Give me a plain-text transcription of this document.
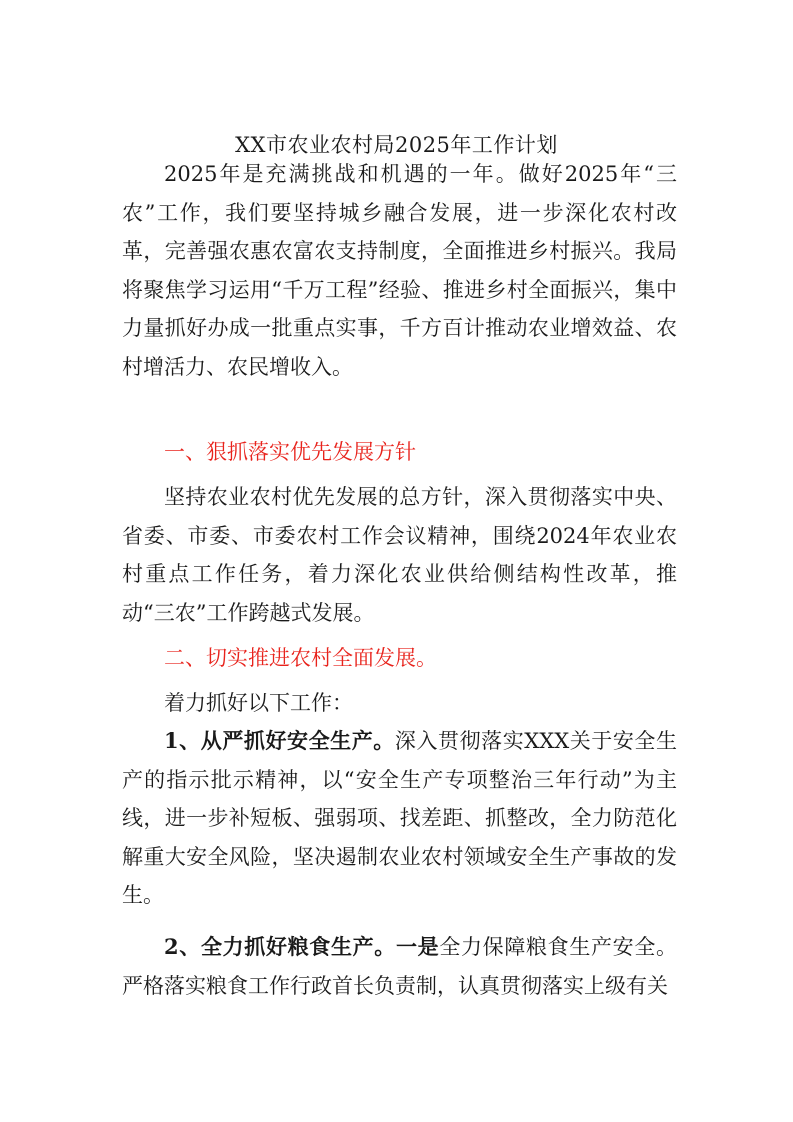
XX市农业农村局2025年工作计划

2025年是充满挑战和机遇的一年。做好2025年“三农”工作，我们要坚持城乡融合发展，进一步深化农村改革，完善强农惠农富农支持制度，全面推进乡村振兴。我局将聚焦学习运用“千万工程”经验、推进乡村全面振兴，集中力量抓好办成一批重点实事，千方百计推动农业增效益、农村增活力、农民增收入。

一、狠抓落实优先发展方针

坚持农业农村优先发展的总方针，深入贯彻落实中央、省委、市委、市委农村工作会议精神，围绕2024年农业农村重点工作任务，着力深化农业供给侧结构性改革，推动“三农”工作跨越式发展。

二、切实推进农村全面发展。

着力抓好以下工作：

1、从严抓好安全生产。深入贯彻落实XXX关于安全生产的指示批示精神，以“安全生产专项整治三年行动”为主线，进一步补短板、强弱项、找差距、抓整改，全力防范化解重大安全风险，坚决遏制农业农村领域安全生产事故的发生。

2、全力抓好粮食生产。一是全力保障粮食生产安全。严格落实粮食工作行政首长负责制，认真贯彻落实上级有关
